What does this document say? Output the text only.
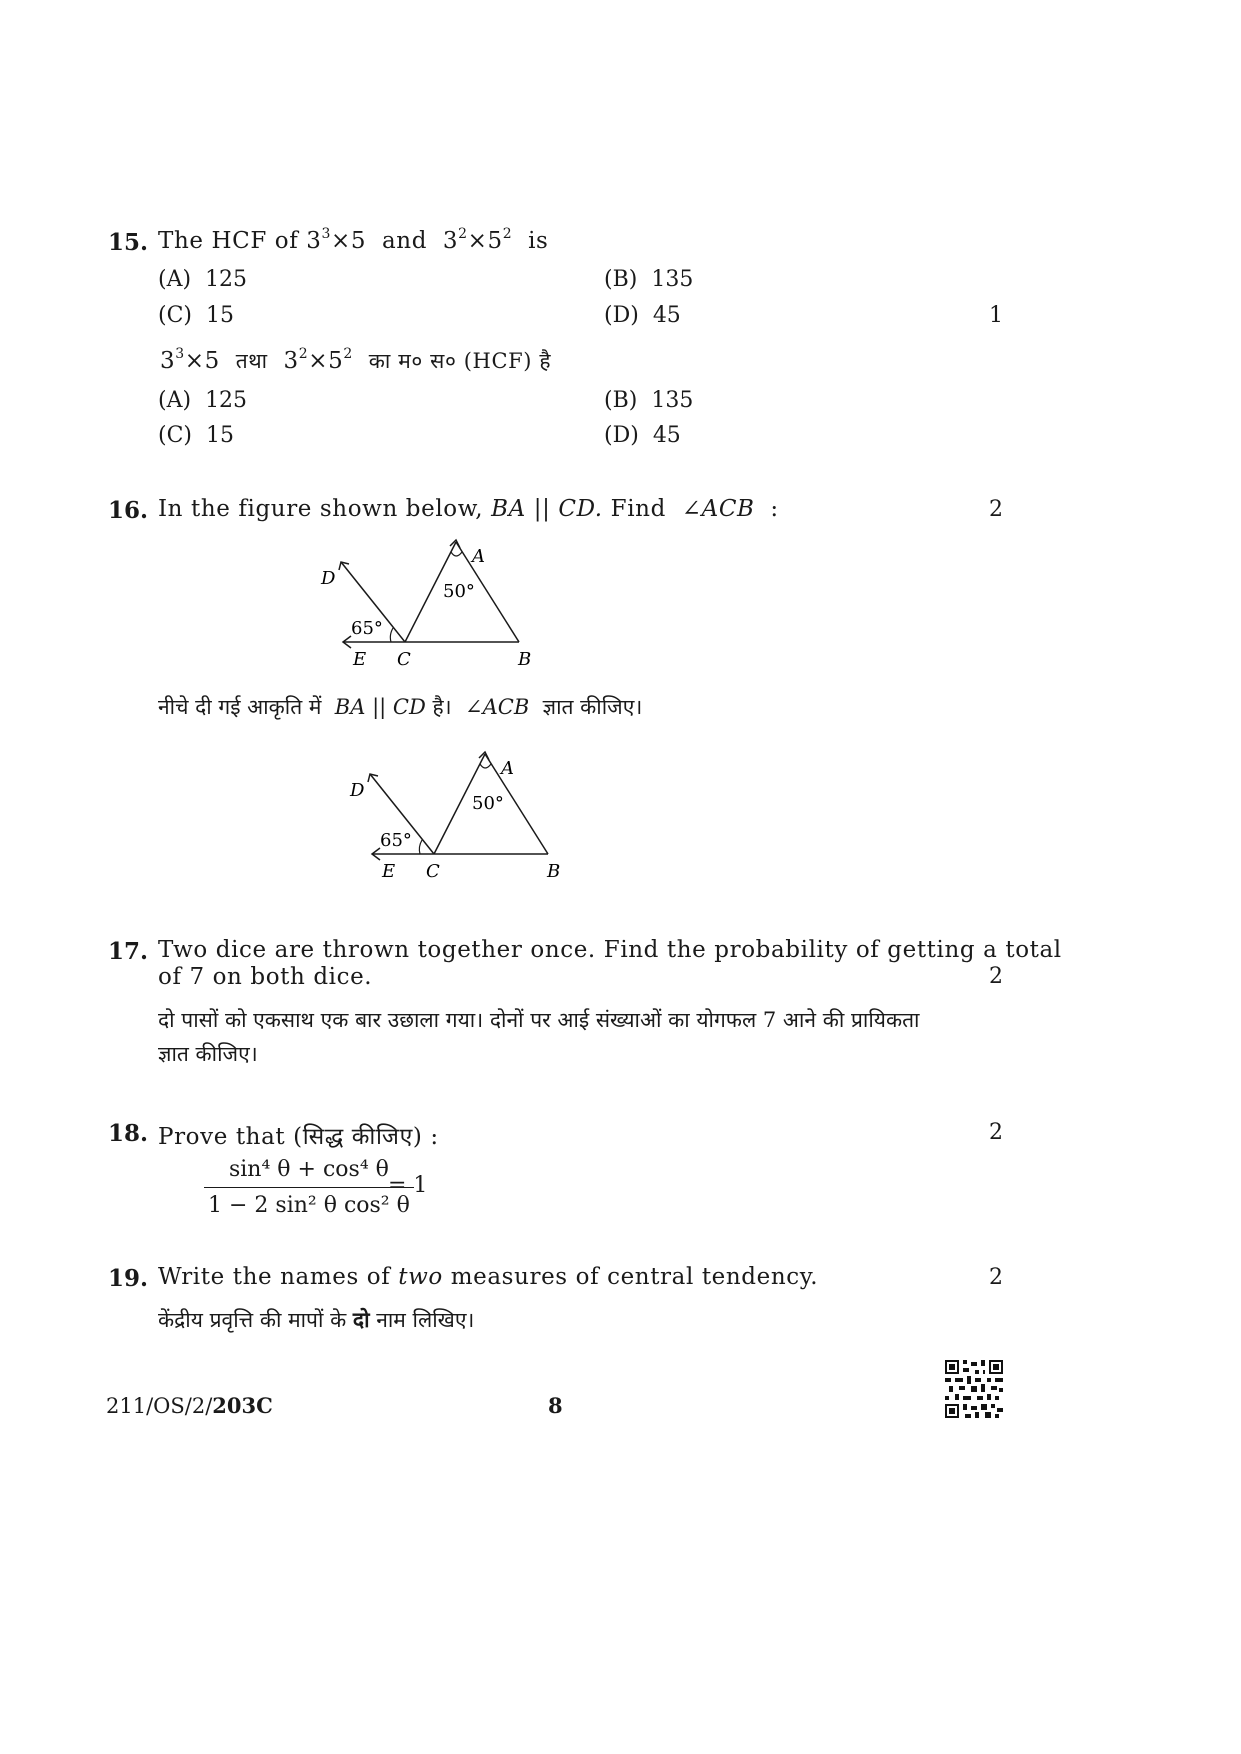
15. The HCF of $3^3\times 5$ and $3^2\times 5^2$ is
(A) 125	(B) 135
(C) 15	(D) 45	1
$3^3\times 5$ तथा $3^2\times 5^2$ का म० स० (HCF) है
(A) 125	(B) 135
(C) 15	(D) 45
16. In the figure shown below, BA || CD. Find ∠ACB :	2
D
A
50°
65°
E C	B
नीचे दी गई आकृति में BA || CD है। ∠ACB ज्ञात कीजिए।
D
A
50°
65°
E C	B
17. Two dice are thrown together once. Find the probability of getting a total
of 7 on both dice.	2
दो पासों को एकसाथ एक बार उछाला गया। दोनों पर आई संख्याओं का योगफल 7 आने की प्रायिकता
ज्ञात कीजिए।
18. Prove that (सिद्ध कीजिए) :	2
$\frac{\text{sin⁴ θ + cos⁴ θ}}{\text{1 − 2 sin² θ cos² θ}}$
= 1
19. Write the names of two measures of central tendency.	2
केंद्रीय प्रवृत्ति की मापों के दो नाम लिखिए।
211/OS/2/203C	8
